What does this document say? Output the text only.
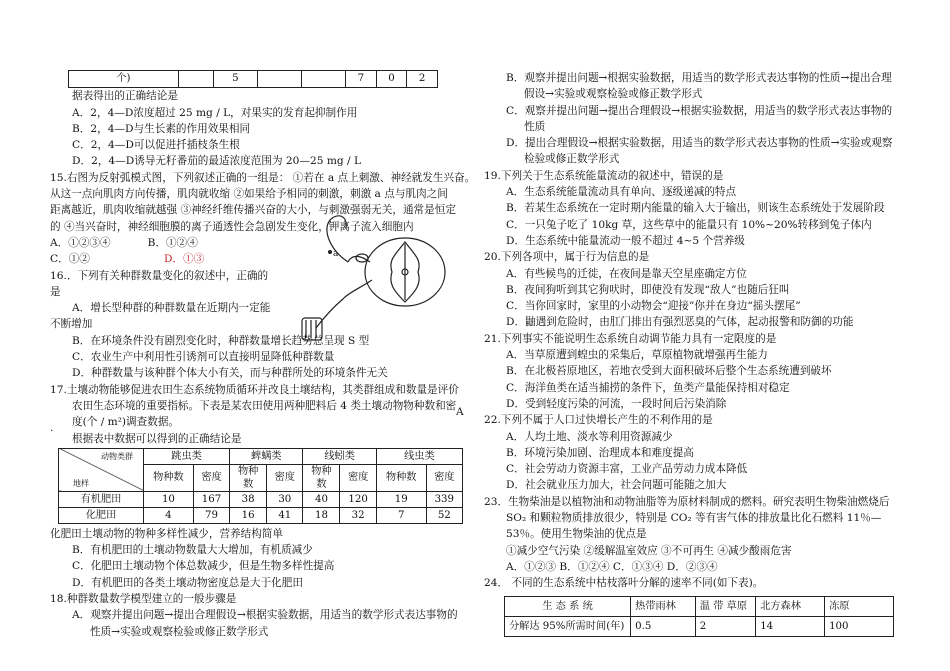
个)		5			7	0	2

据表得出的正确结论是

A．2，4—D浓度超过 25 mg / L，对果实的发育起抑制作用

B．2，4—D与生长素的作用效果相同

C．2，4—D可以促进扦插枝条生根

D．2，4—D诱导无籽番茄的最适浓度范围为 20—25 mg / L

15.右图为反射弧模式图，下列叙述正确的一组是： ①若在 a 点上刺激、神经就发生兴奋。

从这一点向肌肉方向传播，肌肉就收缩 ②如果给予相同的刺激，刺激 a 点与肌肉之间

距离越近，肌肉收缩就越强 ③神经纤维传播兴奋的大小，与刺激强弱无关，通常是恒定

的 ④当兴奋时，神经细胞膜的离子通透性会急剧发生变化，钾离子流入细胞内

A．①②③④	B．①②④

C．①②	D．①③

16.．下列有关种群数量变化的叙述中，正确的

是

A．增长型种群的种群数量在近期内一定能

不断增加

B．在环境条件没有剧烈变化时，种群数量增长趋势总呈现 S 型

C．农业生产中利用性引诱剂可以直接明显降低种群数量

D．种群数量与该种群个体大小有关，而与种群所处的环境条件无关

17.土壤动物能够促进农田生态系统物质循环并改良土壤结构，其类群组成和数量是评价

农田生态环境的重要指标。下表是某农田使用两种肥料后 4 类土壤动物物种数和密

度(个 / m²)调查数据。

根据表中数据可以得到的正确结论是

动物类群
地样	跳虫类		蜱螨类		线蚓类		线虫类	
	物种数	密度	物种数	密度	物种数	密度	物种数	密度
有机肥田	10	167	38	30	40	120	19	339
化肥田	4	79	16	41	18	32	7	52

化肥田土壤动物的物种多样性减少，营养结构简单

B．有机肥田的土壤动物数量大大增加，有机质减少

C．化肥田土壤动物个体总数减少，但是生物多样性提高

D．有机肥田的各类土壤动物密度总是大于化肥田

18.种群数量数学模型建立的一般步骤是

A．观察并提出问题→提出合理假设→根据实验数据，用适当的数学形式表达事物的

性质→实验或观察检验或修正数学形式

A
.
a

B．观察并提出问题→根据实验数据，用适当的数学形式表达事物的性质→提出合理

假设→实验或观察检验或修正数学形式

C．观察并提出问题→提出合理假设→根据实验数据，用适当的数学形式表达事物的

性质

D．提出合理假设→根据实验数据，用适当的数学形式表达事物的性质→实验或观察

检验或修正数学形式

19.下列关于生态系统能量流动的叙述中，错误的是

A．生态系统能量流动具有单向、逐级递减的特点

B．若某生态系统在一定时期内能量的输入大于输出，则该生态系统处于发展阶段

C．一只兔子吃了 10kg 草，这些草中的能量只有 10%~20%转移到兔子体内

D．生态系统中能量流动一般不超过 4~5 个营养级

20.下列各项中，属于行为信息的是

A．有些候鸟的迁徙，在夜间是靠天空星座确定方位

B．夜间狗听到其它狗吠时，即使没有发现“敌人”也随后狂叫

C．当你回家时，家里的小动物会“迎接”你并在身边“摇头摆尾”

D．鼬遇到危险时，由肛门排出有强烈恶臭的气体，起动报警和防御的功能

21.下列事实不能说明生态系统自动调节能力具有一定限度的是

A．当草原遭到蝗虫的采集后，草原植物就增强再生能力

B．在北极苔原地区，若地衣受到大面积破坏后整个生态系统遭到破坏

C．海洋鱼类在适当捕捞的条件下，鱼类产量能保持相对稳定

D．受到轻度污染的河流，一段时间后污染消除

22.下列不属于人口过快增长产生的不利作用的是

A．人均土地、淡水等利用资源减少

B．环境污染加剧、治理成本和难度提高

C．社会劳动力资源丰富，工业产品劳动力成本降低

D．社会就业压力加大，社会问题可能随之加大

23．生物柴油是以植物油和动物油脂等为原材料制成的燃料。研究表明生物柴油燃烧后

SO₂ 和颗粒物质排放很少，特别是 CO₂ 等有害气体的排放量比化石燃料 11％—

53％。使用生物柴油的优点是

①减少空气污染 ②缓解温室效应 ③不可再生 ④减少酸雨危害

A．①②③ B．①②④ C．①③④ D．②③④

24． 不同的生态系统中枯枝落叶分解的速率不同(如下表)。

生 态 系 统	热带雨林	温 带 草原	北方森林	冻原
分解达 95%所需时间(年)	0.5	2	14	100
